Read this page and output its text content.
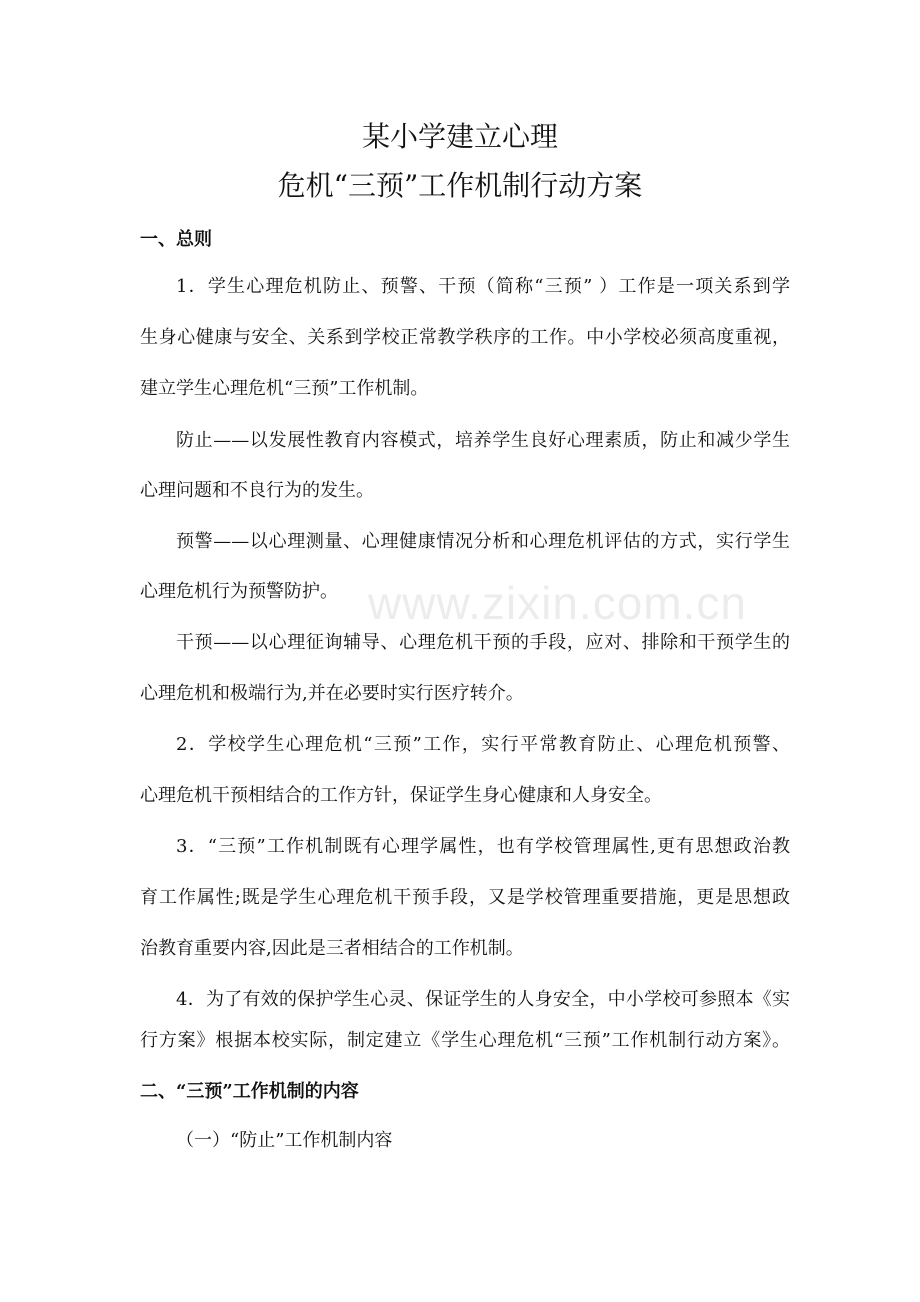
www.zixin.com.cn
某小学建立心理
危机“三预”工作机制行动方案
一、总则
1．学生心理危机防止、预警、干预（简称“三预” ）工作是一项关系到学
生身心健康与安全、关系到学校正常教学秩序的工作。中小学校必须高度重视，
建立学生心理危机“三预”工作机制。
防止——以发展性教育内容模式，培养学生良好心理素质，防止和减少学生
心理问题和不良行为的发生。
预警——以心理测量、心理健康情况分析和心理危机评估的方式，实行学生
心理危机行为预警防护。
干预——以心理征询辅导、心理危机干预的手段，应对、排除和干预学生的
心理危机和极端行为,并在必要时实行医疗转介。
2．学校学生心理危机“三预”工作，实行平常教育防止、心理危机预警、
心理危机干预相结合的工作方针，保证学生身心健康和人身安全。
3．“三预”工作机制既有心理学属性，也有学校管理属性,更有思想政治教
育工作属性;既是学生心理危机干预手段，又是学校管理重要措施，更是思想政
治教育重要内容,因此是三者相结合的工作机制。
4．为了有效的保护学生心灵、保证学生的人身安全，中小学校可参照本《实
行方案》根据本校实际，制定建立《学生心理危机“三预”工作机制行动方案》。
二、“三预”工作机制的内容
（一）“防止”工作机制内容
